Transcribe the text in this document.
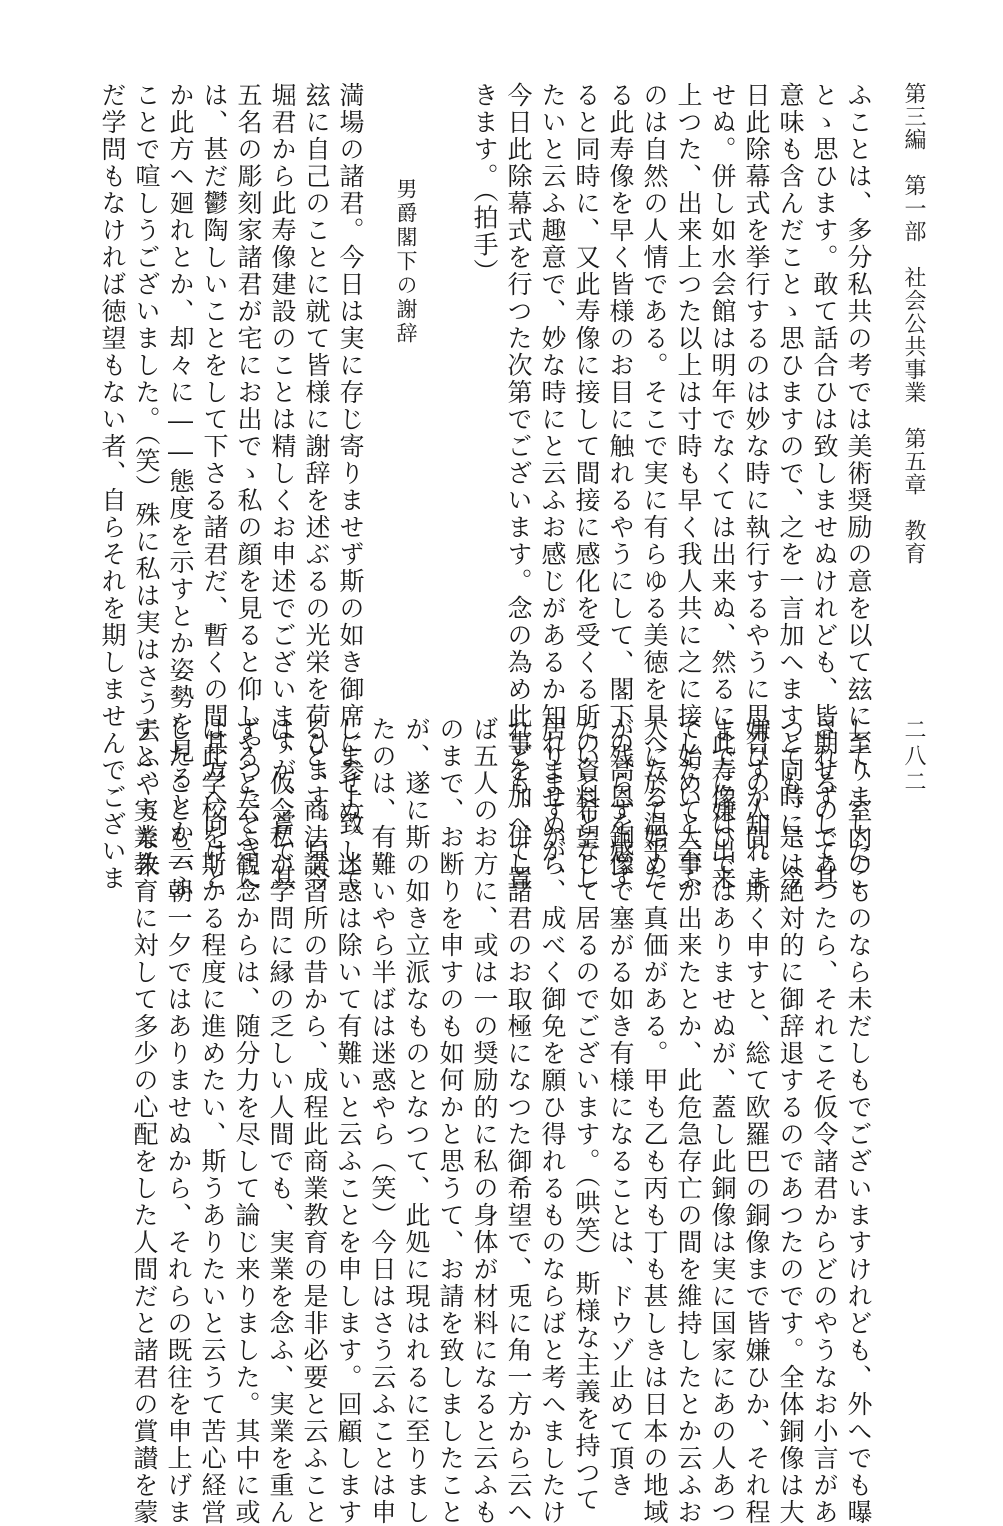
第三編　第一部　社会公共事業　第五章　教育
二八二
ふことは、多分私共の考では美術奨励の意を以て玆に至りましたこ
とゝ思ひます。敢て話合ひは致しませぬけれども、皆期せずして其
意味も含んだことゝ思ひますので、之を一言加へますと同時に、今
日此除幕式を挙行するのは妙な時に執行するやうに思召すか知れま
せぬ。併し如水会館は明年でなくては出来ぬ、然るに此寿像は出来
上つた、出来上つた以上は寸時も早く我人共に之に接したいと云ふ
のは自然の人情である。そこで実に有らゆる美徳を具へたる温乎た
る此寿像を早く皆様のお目に触れるやうにして、閣下の高恩を感ず
ると同時に、又此寿像に接して間接に感化を受くる所の資料となし
たいと云ふ趣意で、妙な時にと云ふお感じがあるか知れませぬが、
今日此除幕式を行つた次第でございます。念の為め此事を加へて置
きます。（拍手）
　　　　男爵閣下の謝辞
満場の諸君。今日は実に存じ寄りませず斯の如き御席に参上致して
玆に自己のことに就て皆様に謝辞を述ぶるの光栄を荷ひます。只今
堀君から此寿像建設のことは精しくお申述でございますが、嘗て其
五名の彫刻家諸君が宅にお出でゝ私の顔を見ると仰しやつたときに
は、甚だ鬱陶しいことをして下さる諸君だ、暫くの間其方へ向けと
か此方へ廻れとか、却々に――態度を示すとか姿勢を見るとか云ふ
ことで喧しうございました。（笑）殊に私は実はさう云ふやうな未
だ学問もなければ徳望もない者、自らそれを期しませんでございま
して、室内のものなら未だしもでございますけれども、外へでも曝
されるのであつたら、それこそ仮令諸君からどのやうなお小言があ
つても、是は絶対的に御辞退するのであつたのです。全体銅像は大
嫌ひの人間。斯く申すと、総て欧羅巴の銅像まで皆嫌ひか、それ程
までに嫌ひではありませぬが、蓋し此銅像は実に国家にあの人あつ
て始めて大事が出来たとか、此危急存亡の間を維持したとか云ふお
人に於て始めて真価がある。甲も乙も丙も丁も甚しきは日本の地域
が残らず銅像で塞がる如き有様になることは、ドウゾ止めて頂き
たいと希望して居るのでございます。（哄笑）斯様な主義を持つて
居りますから、成べく御免を願ひ得れるものならばと考へましたけ
れども、併し諸君のお取極になつた御希望で、兎に角一方から云へ
ば五人のお方に、或は一の奨励的に私の身体が材料になると云ふも
のまで、お断りを申すのも如何かと思うて、お請を致しましたこと
が、遂に斯の如き立派なものとなつて、此処に現はれるに至りまし
たのは、有難いやら半ばは迷惑やら（笑）今日はさう云ふことは申
しませぬ。迷惑は除いて有難いと云ふことを申します。回顧します
ると、商法講習所の昔から、成程此商業教育の是非必要と云ふこと
は、仮令私が学問に縁の乏しい人間でも、実業を念ふ、実業を重ん
ずると云ふ観念からは、随分力を尽して論じ来りました。其中に或
は此学校を斯かる程度に進めたい、斯うありたいと云うて苦心経営
したことも一朝一夕ではありませぬから、それらの既往を申上げま
すと、実業教育に対して多少の心配をした人間だと諸君の賞讃を蒙
